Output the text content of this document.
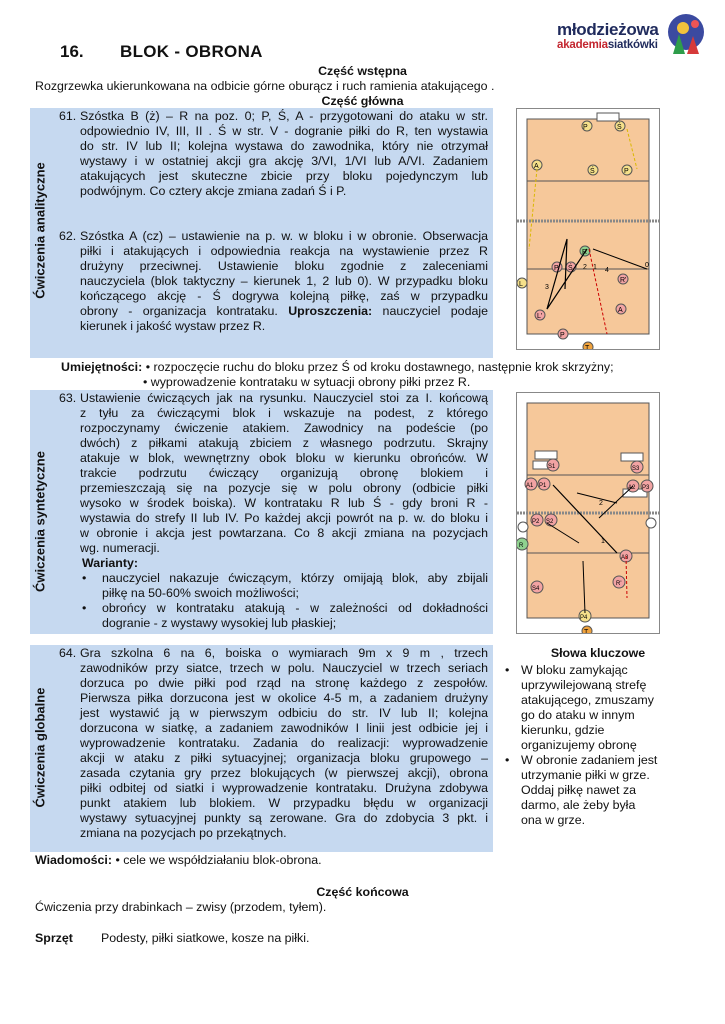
16. BLOK - OBRONA
młodzieżowa
akademiasiatkówki
Część wstępna
Rozgrzewka ukierunkowana na odbicie górne oburącz i ruch ramienia atakującego .
Część główna
Ćwiczenia analityczne
61. Szóstka B (ż) – R na poz. 0; P, Ś, A - przygotowani do ataku w str.
odpowiednio IV, III, II . Ś w str. V - dogranie piłki do R, ten wystawia
do str. IV lub II; kolejna wystawa do zawodnika, który nie otrzymał
wystawy i w ostatniej akcji gra akcję 3/VI, 1/VI lub A/VI. Zadaniem
atakujących jest skuteczne zbicie przy bloku pojedynczym lub
podwójnym. Co cztery akcje zmiana zadań Ś i P.
62. Szóstka A (cz) – ustawienie na p. w. w bloku i w obronie. Obserwacja
piłki i atakujących i odpowiednia reakcja na wystawienie przez R
drużyny przeciwnej. Ustawienie bloku zgodnie z zaleceniami
nauczyciela (blok taktyczny – kierunek 1, 2 lub 0). W przypadku bloku
kończącego akcję - Ś dogrywa kolejną piłkę, zaś w przypadku
obrony - organizacja kontrataku. Uproszczenia: nauczyciel podaje
kierunek i jakość wystaw przez R.
P	Ś
A
Ś	P
R
P Ś
R'
A
L
L'
P
T
4
3
1
2	0
Umiejętności: • rozpoczęcie ruchu do bloku przez Ś od kroku dostawnego, następnie krok skrzyżny;
• wyprowadzenie kontrataku w sytuacji obrony piłki przez R.
Ćwiczenia syntetyczne
63. Ustawienie ćwiczących jak na rysunku. Nauczyciel stoi za I. końcową
z tyłu za ćwiczącymi blok i wskazuje na podest, z którego
rozpoczynamy ćwiczenie atakiem. Zawodnicy na podeście (po
dwóch) z piłkami atakują zbiciem z własnego podrzutu. Skrajny
atakuje w blok, wewnętrzny obok bloku w kierunku obrońców. W
trakcie podrzutu ćwiczący organizują obronę blokiem i
przemieszczają się na pozycje się w polu obrony (odbicie piłki
wysoko w środek boiska). W kontrataku R lub Ś - gdy broni R -
wystawia do strefy II lub IV. Po każdej akcji powrót na p. w. do bloku i
w obronie i akcja jest powtarzana. Co 8 akcji zmiana na pozycjach
wg. numeracji.
Warianty:
• nauczyciel nakazuje ćwiczącym, którzy omijają blok, aby zbijali
piłkę na 50-60% swoich możliwości;
• obrońcy w kontrataku atakują - w zależności od dokładności
dogranie - z wystawy wysokiej lub płaskiej;
S1	S3
A1 P1	A2 P3
P2 S2
R
A3
R'
S4
P4
T
1
2
Ćwiczenia globalne
64. Gra szkolna 6 na 6, boiska o wymiarach 9m x 9 m , trzech
zawodników przy siatce, trzech w polu. Nauczyciel w trzech seriach
dorzuca po dwie piłki pod rząd na stronę każdego z zespołów.
Pierwsza piłka dorzucona jest w okolice 4-5 m, a zadaniem drużyny
jest wystawić ją w pierwszym odbiciu do str. IV lub II; kolejna
dorzucona w siatkę, a zadaniem zawodników I linii jest odbicie jej i
wyprowadzenie kontrataku. Zadania do realizacji: wyprowadzenie
akcji w ataku z piłki sytuacyjnej; organizacja bloku grupowego –
zasada czytania gry przez blokujących (w pierwszej akcji), obrona
piłki odbitej od siatki i wyprowadzenie kontrataku. Drużyna zdobywa
punkt atakiem lub blokiem. W przypadku błędu w organizacji
wystawy sytuacyjnej punkty są zerowane. Gra do zdobycia 3 pkt. i
zmiana na pozycjach po przekątnych.
Słowa kluczowe
• W bloku zamykając
uprzywilejowaną strefę
atakującego, zmuszamy
go do ataku w innym
kierunku, gdzie
organizujemy obronę
• W obronie zadaniem jest
utrzymanie piłki w grze.
Oddaj piłkę nawet za
darmo, ale żeby była
ona w grze.
Wiadomości: • cele we współdziałaniu blok-obrona.
Część końcowa
Ćwiczenia przy drabinkach – zwisy (przodem, tyłem).
Sprzęt Podesty, piłki siatkowe, kosze na piłki.
